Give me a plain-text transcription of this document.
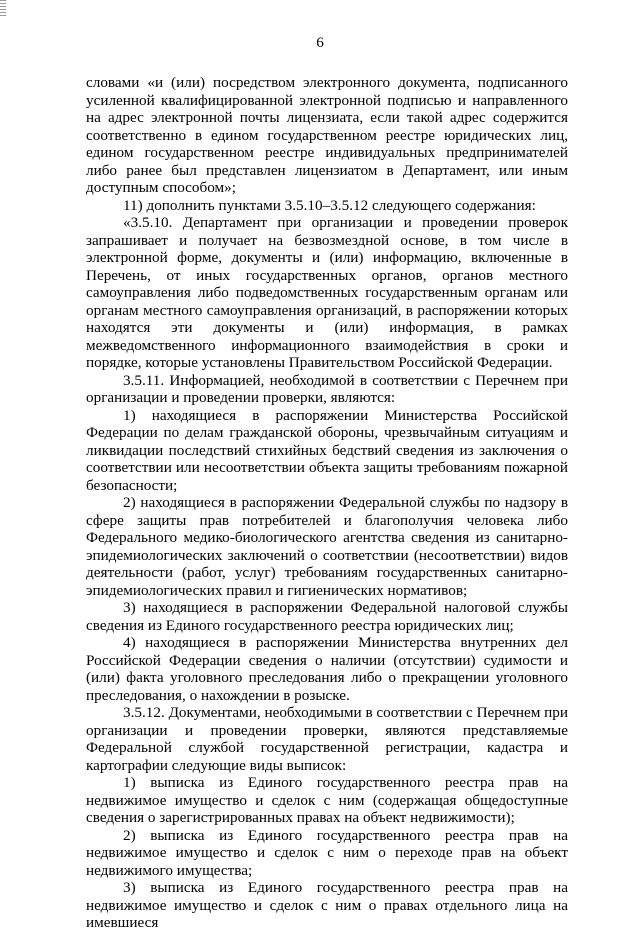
6

словами «и (или) посредством электронного документа, подписанного усиленной квалифицированной электронной подписью и направленного на адрес электронной почты лицензиата, если такой адрес содержится соответственно в едином государственном реестре юридических лиц, едином государственном реестре индивидуальных предпринимателей либо ранее был представлен лицензиатом в Департамент, или иным доступным способом»;

11) дополнить пунктами 3.5.10–3.5.12 следующего содержания:

«3.5.10. Департамент при организации и проведении проверок запрашивает и получает на безвозмездной основе, в том числе в электронной форме, документы и (или) информацию, включенные в Перечень, от иных государственных органов, органов местного самоуправления либо подведомственных государственным органам или органам местного самоуправления организаций, в распоряжении которых находятся эти документы и (или) информация, в рамках межведомственного информационного взаимодействия в сроки и порядке, которые установлены Правительством Российской Федерации.

3.5.11. Информацией, необходимой в соответствии с Перечнем при организации и проведении проверки, являются:

1) находящиеся в распоряжении Министерства Российской Федерации по делам гражданской обороны, чрезвычайным ситуациям и ликвидации последствий стихийных бедствий сведения из заключения о соответствии или несоответствии объекта защиты требованиям пожарной безопасности;

2) находящиеся в распоряжении Федеральной службы по надзору в сфере защиты прав потребителей и благополучия человека либо Федерального медико-биологического агентства сведения из санитарно-эпидемиологических заключений о соответствии (несоответствии) видов деятельности (работ, услуг) требованиям государственных санитарно-эпидемиологических правил и гигиенических нормативов;

3) находящиеся в распоряжении Федеральной налоговой службы сведения из Единого государственного реестра юридических лиц;

4) находящиеся в распоряжении Министерства внутренних дел Российской Федерации сведения о наличии (отсутствии) судимости и (или) факта уголовного преследования либо о прекращении уголовного преследования, о нахождении в розыске.

3.5.12. Документами, необходимыми в соответствии с Перечнем при организации и проведении проверки, являются представляемые Федеральной службой государственной регистрации, кадастра и картографии следующие виды выписок:

1) выписка из Единого государственного реестра прав на недвижимое имущество и сделок с ним (содержащая общедоступные сведения о зарегистрированных правах на объект недвижимости);

2) выписка из Единого государственного реестра прав на недвижимое имущество и сделок с ним о переходе прав на объект недвижимого имущества;

3) выписка из Единого государственного реестра прав на недвижимое имущество и сделок с ним о правах отдельного лица на имевшиеся
